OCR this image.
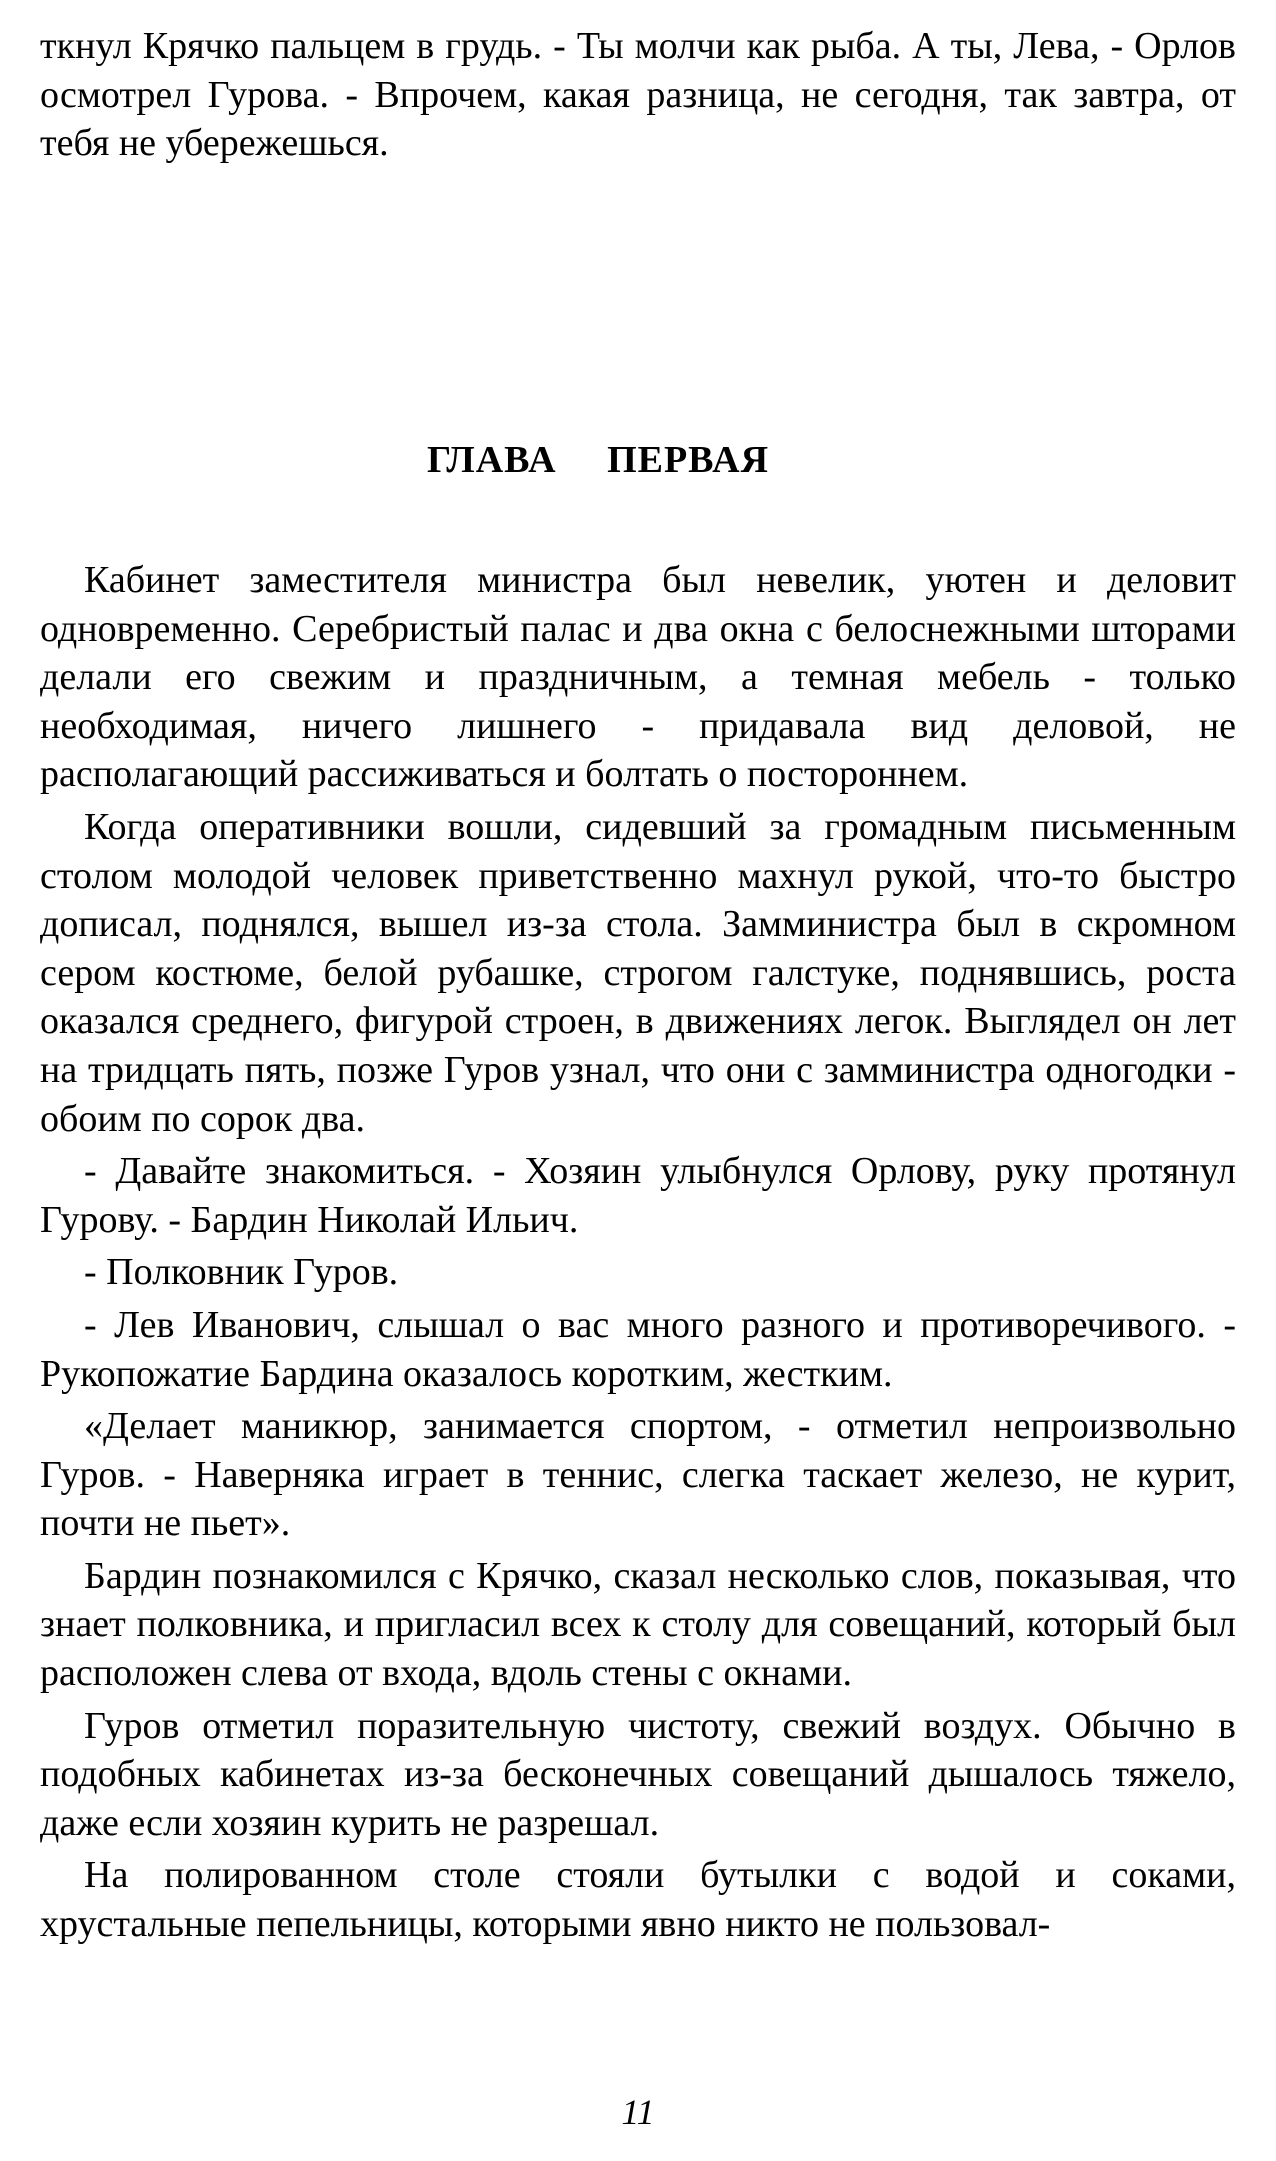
ткнул Крячко пальцем в грудь. - Ты молчи как рыба. А ты, Лева, - Орлов осмотрел Гурова. - Впрочем, какая разница, не сегодня, так завтра, от тебя не убережешься.

ГЛАВА ПЕРВАЯ

Кабинет заместителя министра был невелик, уютен и деловит одновременно. Серебристый палас и два окна с белоснежными шторами делали его свежим и праздничным, а темная мебель - только необходимая, ничего лишнего - придавала вид деловой, не располагающий рассиживаться и болтать о постороннем.

Когда оперативники вошли, сидевший за громадным письменным столом молодой человек приветственно махнул рукой, что-то быстро дописал, поднялся, вышел из-за стола. Замминистра был в скромном сером костюме, белой рубашке, строгом галстуке, поднявшись, роста оказался среднего, фигурой строен, в движениях легок. Выглядел он лет на тридцать пять, позже Гуров узнал, что они с замминистра одногодки - обоим по сорок два.

- Давайте знакомиться. - Хозяин улыбнулся Орлову, руку протянул Гурову. - Бардин Николай Ильич.

- Полковник Гуров.

- Лев Иванович, слышал о вас много разного и противоречивого. - Рукопожатие Бардина оказалось коротким, жестким.

«Делает маникюр, занимается спортом, - отметил непроизвольно Гуров. - Наверняка играет в теннис, слегка таскает железо, не курит, почти не пьет».

Бардин познакомился с Крячко, сказал несколько слов, показывая, что знает полковника, и пригласил всех к столу для совещаний, который был расположен слева от входа, вдоль стены с окнами.

Гуров отметил поразительную чистоту, свежий воздух. Обычно в подобных кабинетах из-за бесконечных совещаний дышалось тяжело, даже если хозяин курить не разрешал.

На полированном столе стояли бутылки с водой и соками, хрустальные пепельницы, которыми явно никто не пользовал-

11
